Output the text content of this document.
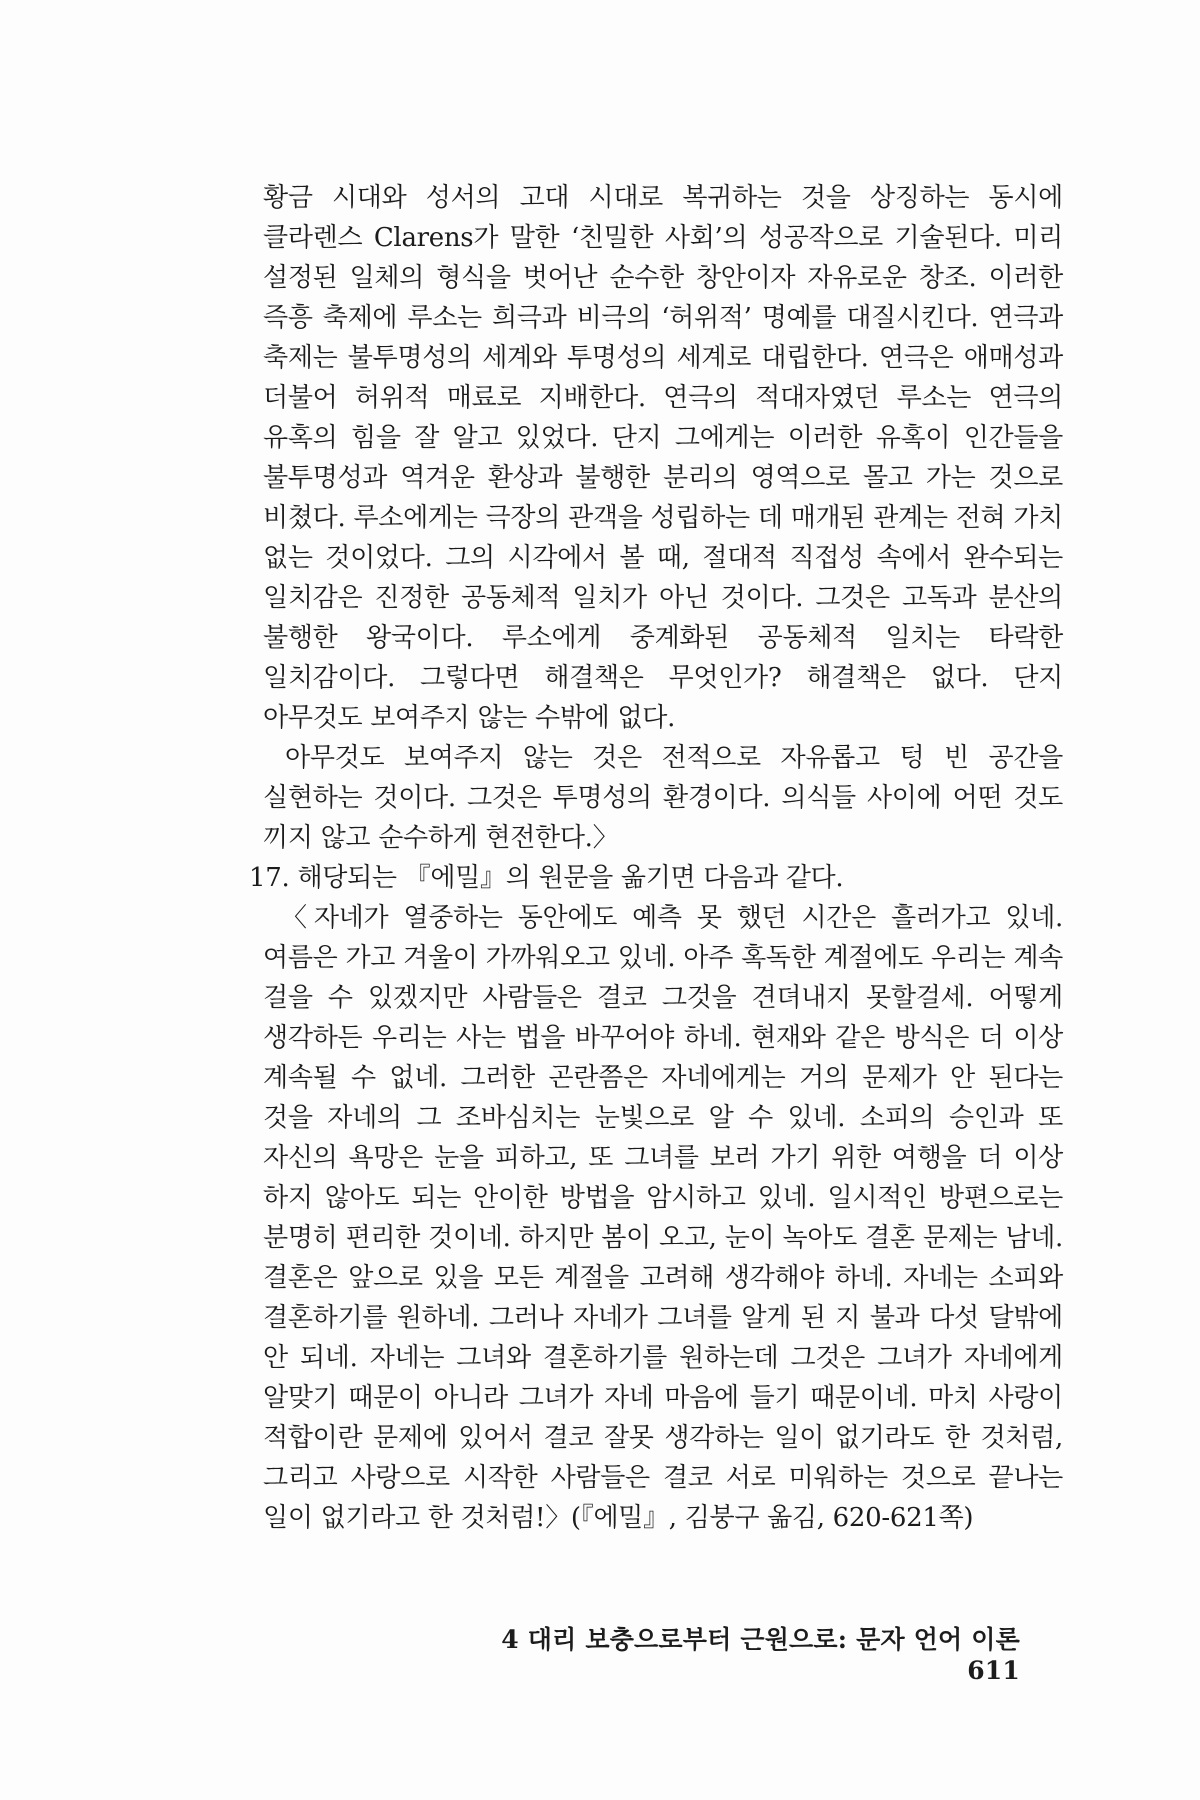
황금 시대와 성서의 고대 시대로 복귀하는 것을 상징하는 동시에 클라렌스 Clarens가 말한 ‘친밀한 사회’의 성공작으로 기술된다. 미리 설정된 일체의 형식을 벗어난 순수한 창안이자 자유로운 창조. 이러한 즉흥 축제에 루소는 희극과 비극의 ‘허위적’ 명예를 대질시킨다. 연극과 축제는 불투명성의 세계와 투명성의 세계로 대립한다. 연극은 애매성과 더불어 허위적 매료로 지배한다. 연극의 적대자였던 루소는 연극의 유혹의 힘을 잘 알고 있었다. 단지 그에게는 이러한 유혹이 인간들을 불투명성과 역겨운 환상과 불행한 분리의 영역으로 몰고 가는 것으로 비쳤다. 루소에게는 극장의 관객을 성립하는 데 매개된 관계는 전혀 가치 없는 것이었다. 그의 시각에서 볼 때, 절대적 직접성 속에서 완수되는 일치감은 진정한 공동체적 일치가 아닌 것이다. 그것은 고독과 분산의 불행한 왕국이다. 루소에게 중계화된 공동체적 일치는 타락한 일치감이다. 그렇다면 해결책은 무엇인가? 해결책은 없다. 단지 아무것도 보여주지 않는 수밖에 없다.

아무것도 보여주지 않는 것은 전적으로 자유롭고 텅 빈 공간을 실현하는 것이다. 그것은 투명성의 환경이다. 의식들 사이에 어떤 것도 끼지 않고 순수하게 현전한다.〉

17. 해당되는 『에밀』의 원문을 옮기면 다음과 같다.

〈자네가 열중하는 동안에도 예측 못 했던 시간은 흘러가고 있네. 여름은 가고 겨울이 가까워오고 있네. 아주 혹독한 계절에도 우리는 계속 걸을 수 있겠지만 사람들은 결코 그것을 견뎌내지 못할걸세. 어떻게 생각하든 우리는 사는 법을 바꾸어야 하네. 현재와 같은 방식은 더 이상 계속될 수 없네. 그러한 곤란쯤은 자네에게는 거의 문제가 안 된다는 것을 자네의 그 조바심치는 눈빛으로 알 수 있네. 소피의 승인과 또 자신의 욕망은 눈을 피하고, 또 그녀를 보러 가기 위한 여행을 더 이상 하지 않아도 되는 안이한 방법을 암시하고 있네. 일시적인 방편으로는 분명히 편리한 것이네. 하지만 봄이 오고, 눈이 녹아도 결혼 문제는 남네. 결혼은 앞으로 있을 모든 계절을 고려해 생각해야 하네. 자네는 소피와 결혼하기를 원하네. 그러나 자네가 그녀를 알게 된 지 불과 다섯 달밖에 안 되네. 자네는 그녀와 결혼하기를 원하는데 그것은 그녀가 자네에게 알맞기 때문이 아니라 그녀가 자네 마음에 들기 때문이네. 마치 사랑이 적합이란 문제에 있어서 결코 잘못 생각하는 일이 없기라도 한 것처럼, 그리고 사랑으로 시작한 사람들은 결코 서로 미워하는 것으로 끝나는 일이 없기라고 한 것처럼!〉(『에밀』, 김붕구 옮김, 620-621쪽)

4 대리 보충으로부터 근원으로: 문자 언어 이론611
